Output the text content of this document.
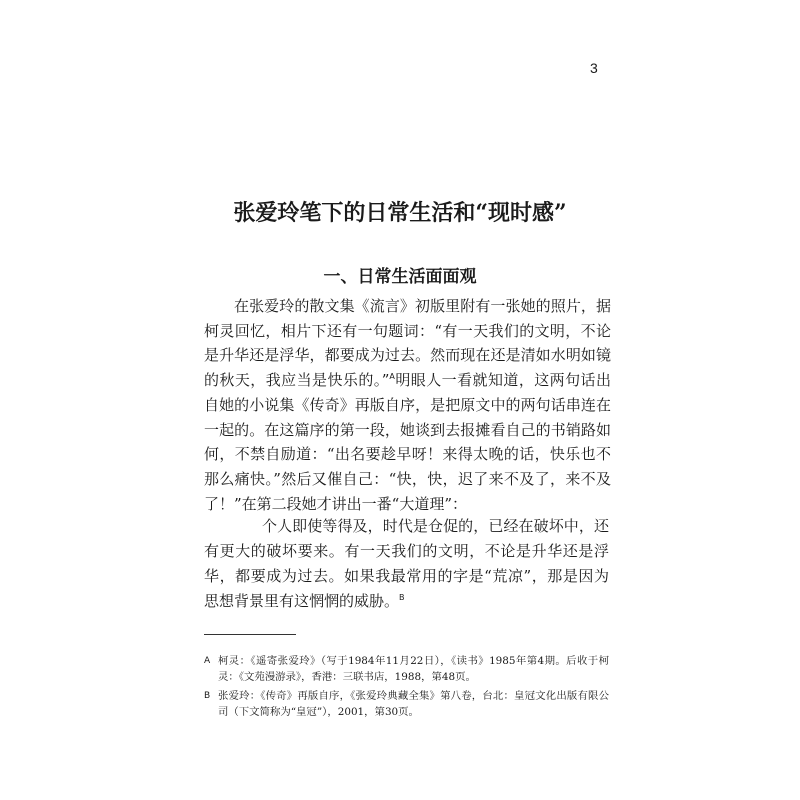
3
张爱玲笔下的日常生活和“现时感”
一、日常生活面面观

在张爱玲的散文集《流言》初版里附有一张她的照片，据柯灵回忆，相片下还有一句题词：“有一天我们的文明，不论是升华还是浮华，都要成为过去。然而现在还是清如水明如镜的秋天，我应当是快乐的。”$^A$明眼人一看就知道，这两句话出自她的小说集《传奇》再版自序，是把原文中的两句话串连在一起的。在这篇序的第一段，她谈到去报摊看自己的书销路如何，不禁自励道：“出名要趁早呀！来得太晚的话，快乐也不那么痛快。”然后又催自己：“快，快，迟了来不及了，来不及了！”在第二段她才讲出一番“大道理”：

个人即使等得及，时代是仓促的，已经在破坏中，还有更大的破坏要来。有一天我们的文明，不论是升华还是浮华，都要成为过去。如果我最常用的字是“荒凉”，那是因为思想背景里有这惘惘的威胁。$^B$

A 柯灵：《遥寄张爱玲》（写于1984年11月22日），《读书》1985年第4期。后收于柯灵：《文苑漫游录》，香港：三联书店，1988，第48页。

B 张爱玲：《传奇》再版自序，《张爱玲典藏全集》第八卷，台北：皇冠文化出版有限公司（下文简称为“皇冠”），2001，第30页。
